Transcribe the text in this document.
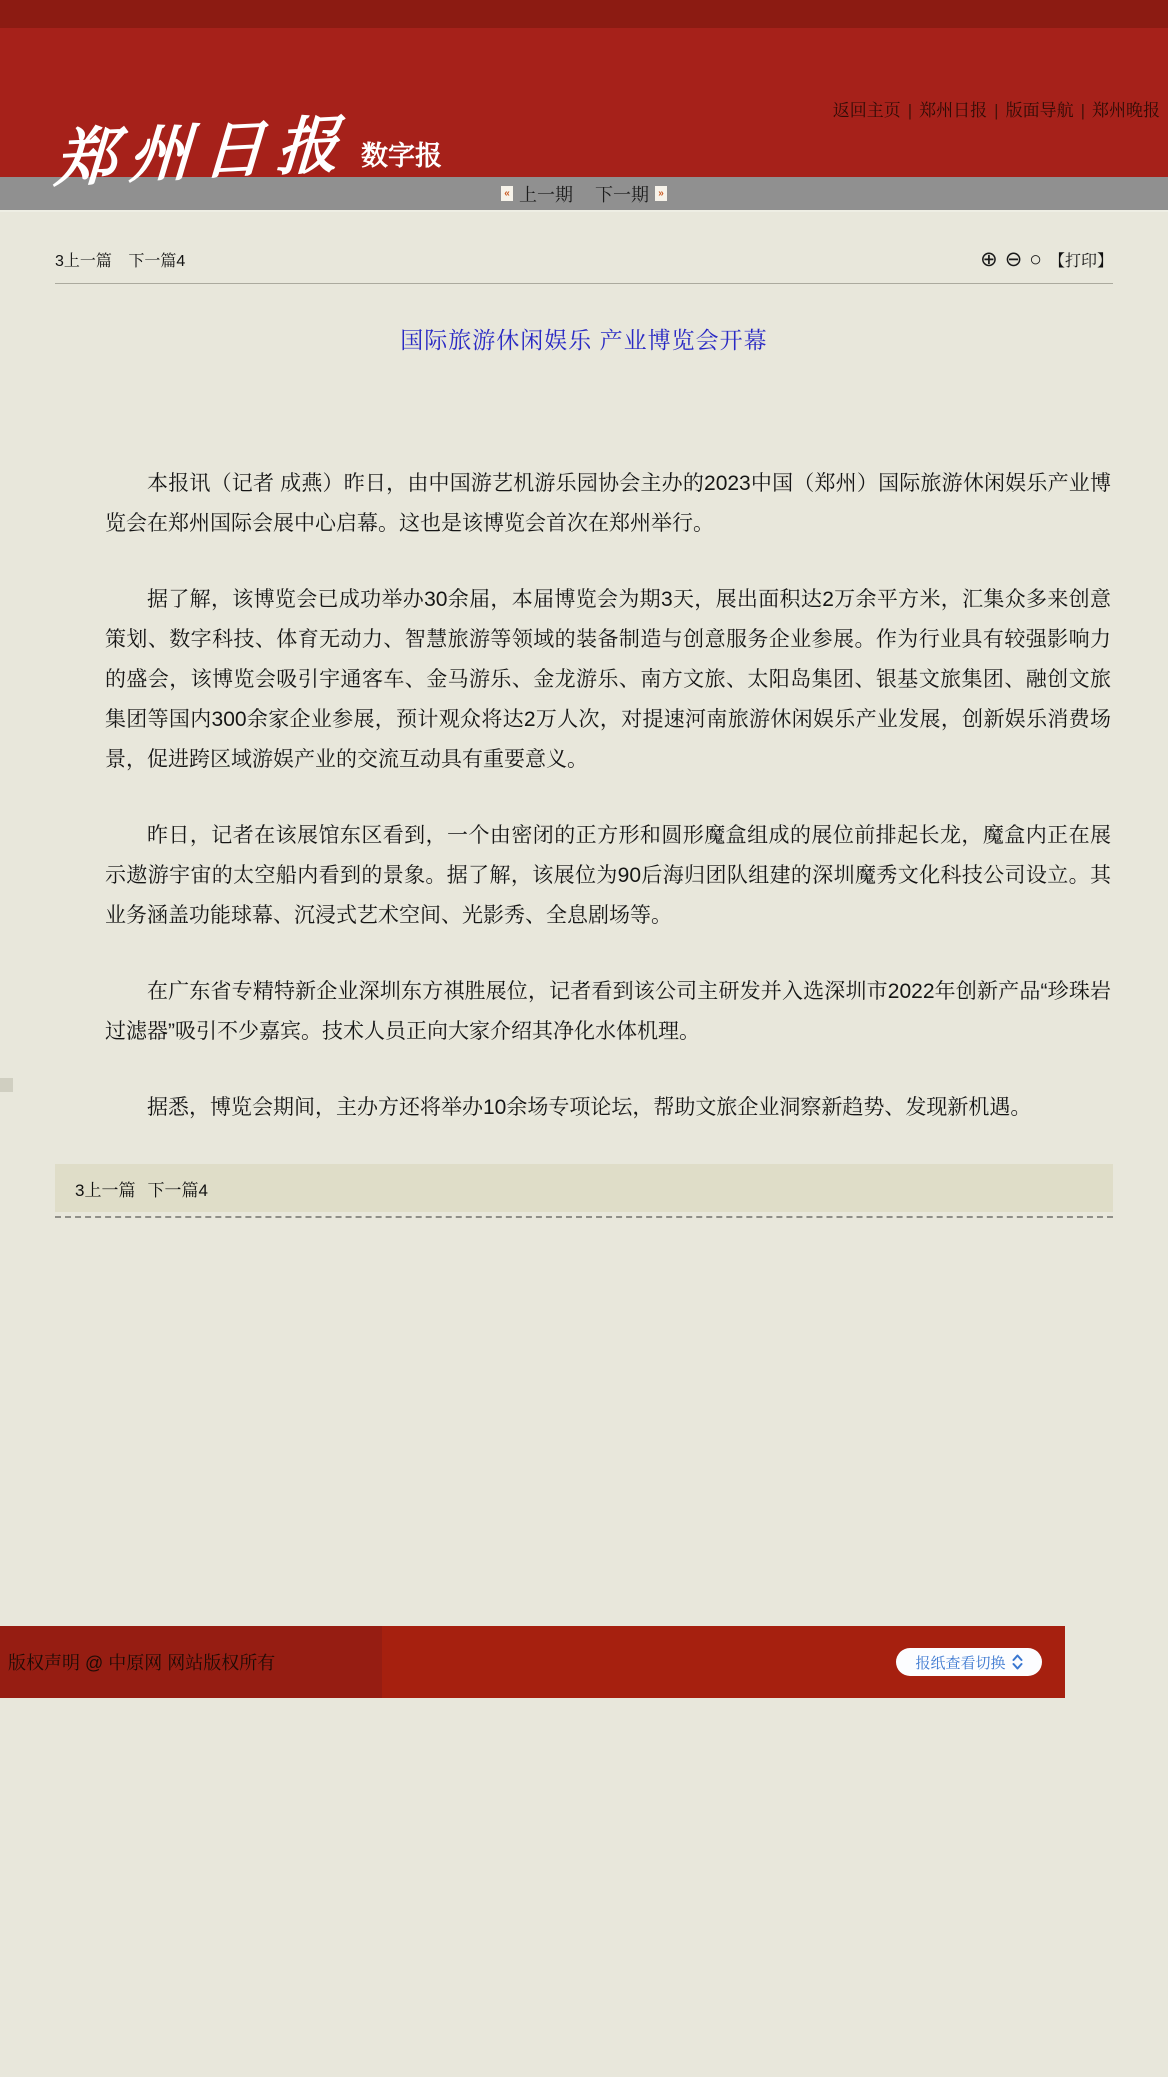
郑州日报 数字报
返回主页 | 郑州日报 | 版面导航 | 郑州晚报
« 上一期 下一期 »
3上一篇 下一篇4	⊕ ⊖ ○ 【打印】
国际旅游休闲娱乐 产业博览会开幕

本报讯（记者 成燕）昨日，由中国游艺机游乐园协会主办的2023中国（郑州）国际旅游休闲娱乐产业博览会在郑州国际会展中心启幕。这也是该博览会首次在郑州举行。

据了解，该博览会已成功举办30余届，本届博览会为期3天，展出面积达2万余平方米，汇集众多来创意策划、数字科技、体育无动力、智慧旅游等领域的装备制造与创意服务企业参展。作为行业具有较强影响力的盛会，该博览会吸引宇通客车、金马游乐、金龙游乐、南方文旅、太阳岛集团、银基文旅集团、融创文旅集团等国内300余家企业参展，预计观众将达2万人次，对提速河南旅游休闲娱乐产业发展，创新娱乐消费场景，促进跨区域游娱产业的交流互动具有重要意义。

昨日，记者在该展馆东区看到，一个由密闭的正方形和圆形魔盒组成的展位前排起长龙，魔盒内正在展示遨游宇宙的太空船内看到的景象。据了解，该展位为90后海归团队组建的深圳魔秀文化科技公司设立。其业务涵盖功能球幕、沉浸式艺术空间、光影秀、全息剧场等。

在广东省专精特新企业深圳东方祺胜展位，记者看到该公司主研发并入选深圳市2022年创新产品“珍珠岩过滤器”吸引不少嘉宾。技术人员正向大家介绍其净化水体机理。

据悉，博览会期间，主办方还将举办10余场专项论坛，帮助文旅企业洞察新趋势、发现新机遇。

3上一篇 下一篇4
版权声明 @ 中原网 网站版权所有	报纸查看切换
